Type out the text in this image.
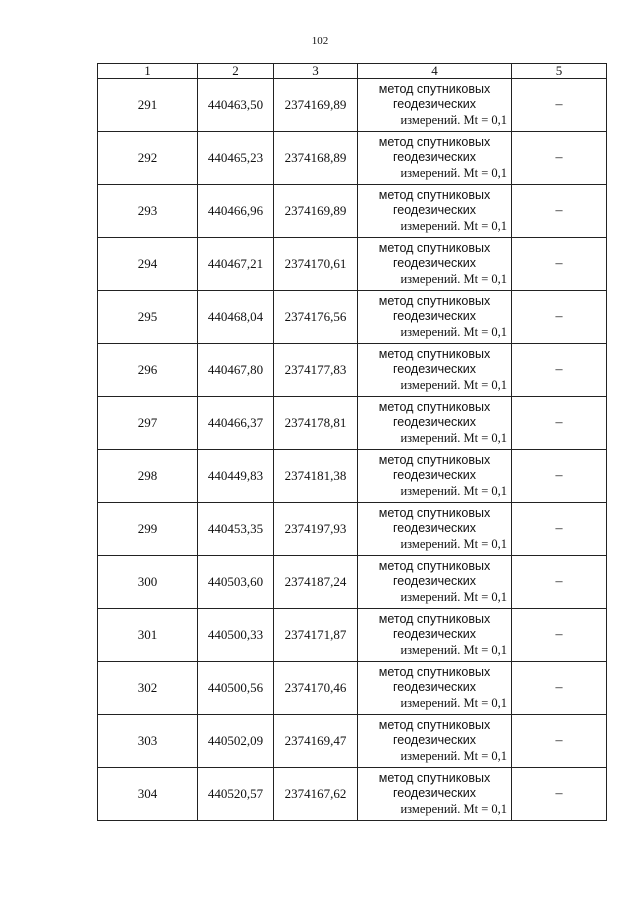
102
1	2	3	4	5
291	440463,50	2374169,89	метод спутниковых
геодезических
измерений. Mt = 0,1	–
292	440465,23	2374168,89	метод спутниковых
геодезических
измерений. Mt = 0,1	–
293	440466,96	2374169,89	метод спутниковых
геодезических
измерений. Mt = 0,1	–
294	440467,21	2374170,61	метод спутниковых
геодезических
измерений. Mt = 0,1	–
295	440468,04	2374176,56	метод спутниковых
геодезических
измерений. Mt = 0,1	–
296	440467,80	2374177,83	метод спутниковых
геодезических
измерений. Mt = 0,1	–
297	440466,37	2374178,81	метод спутниковых
геодезических
измерений. Mt = 0,1	–
298	440449,83	2374181,38	метод спутниковых
геодезических
измерений. Mt = 0,1	–
299	440453,35	2374197,93	метод спутниковых
геодезических
измерений. Mt = 0,1	–
300	440503,60	2374187,24	метод спутниковых
геодезических
измерений. Mt = 0,1	–
301	440500,33	2374171,87	метод спутниковых
геодезических
измерений. Mt = 0,1	–
302	440500,56	2374170,46	метод спутниковых
геодезических
измерений. Mt = 0,1	–
303	440502,09	2374169,47	метод спутниковых
геодезических
измерений. Mt = 0,1	–
304	440520,57	2374167,62	метод спутниковых
геодезических
измерений. Mt = 0,1	–
